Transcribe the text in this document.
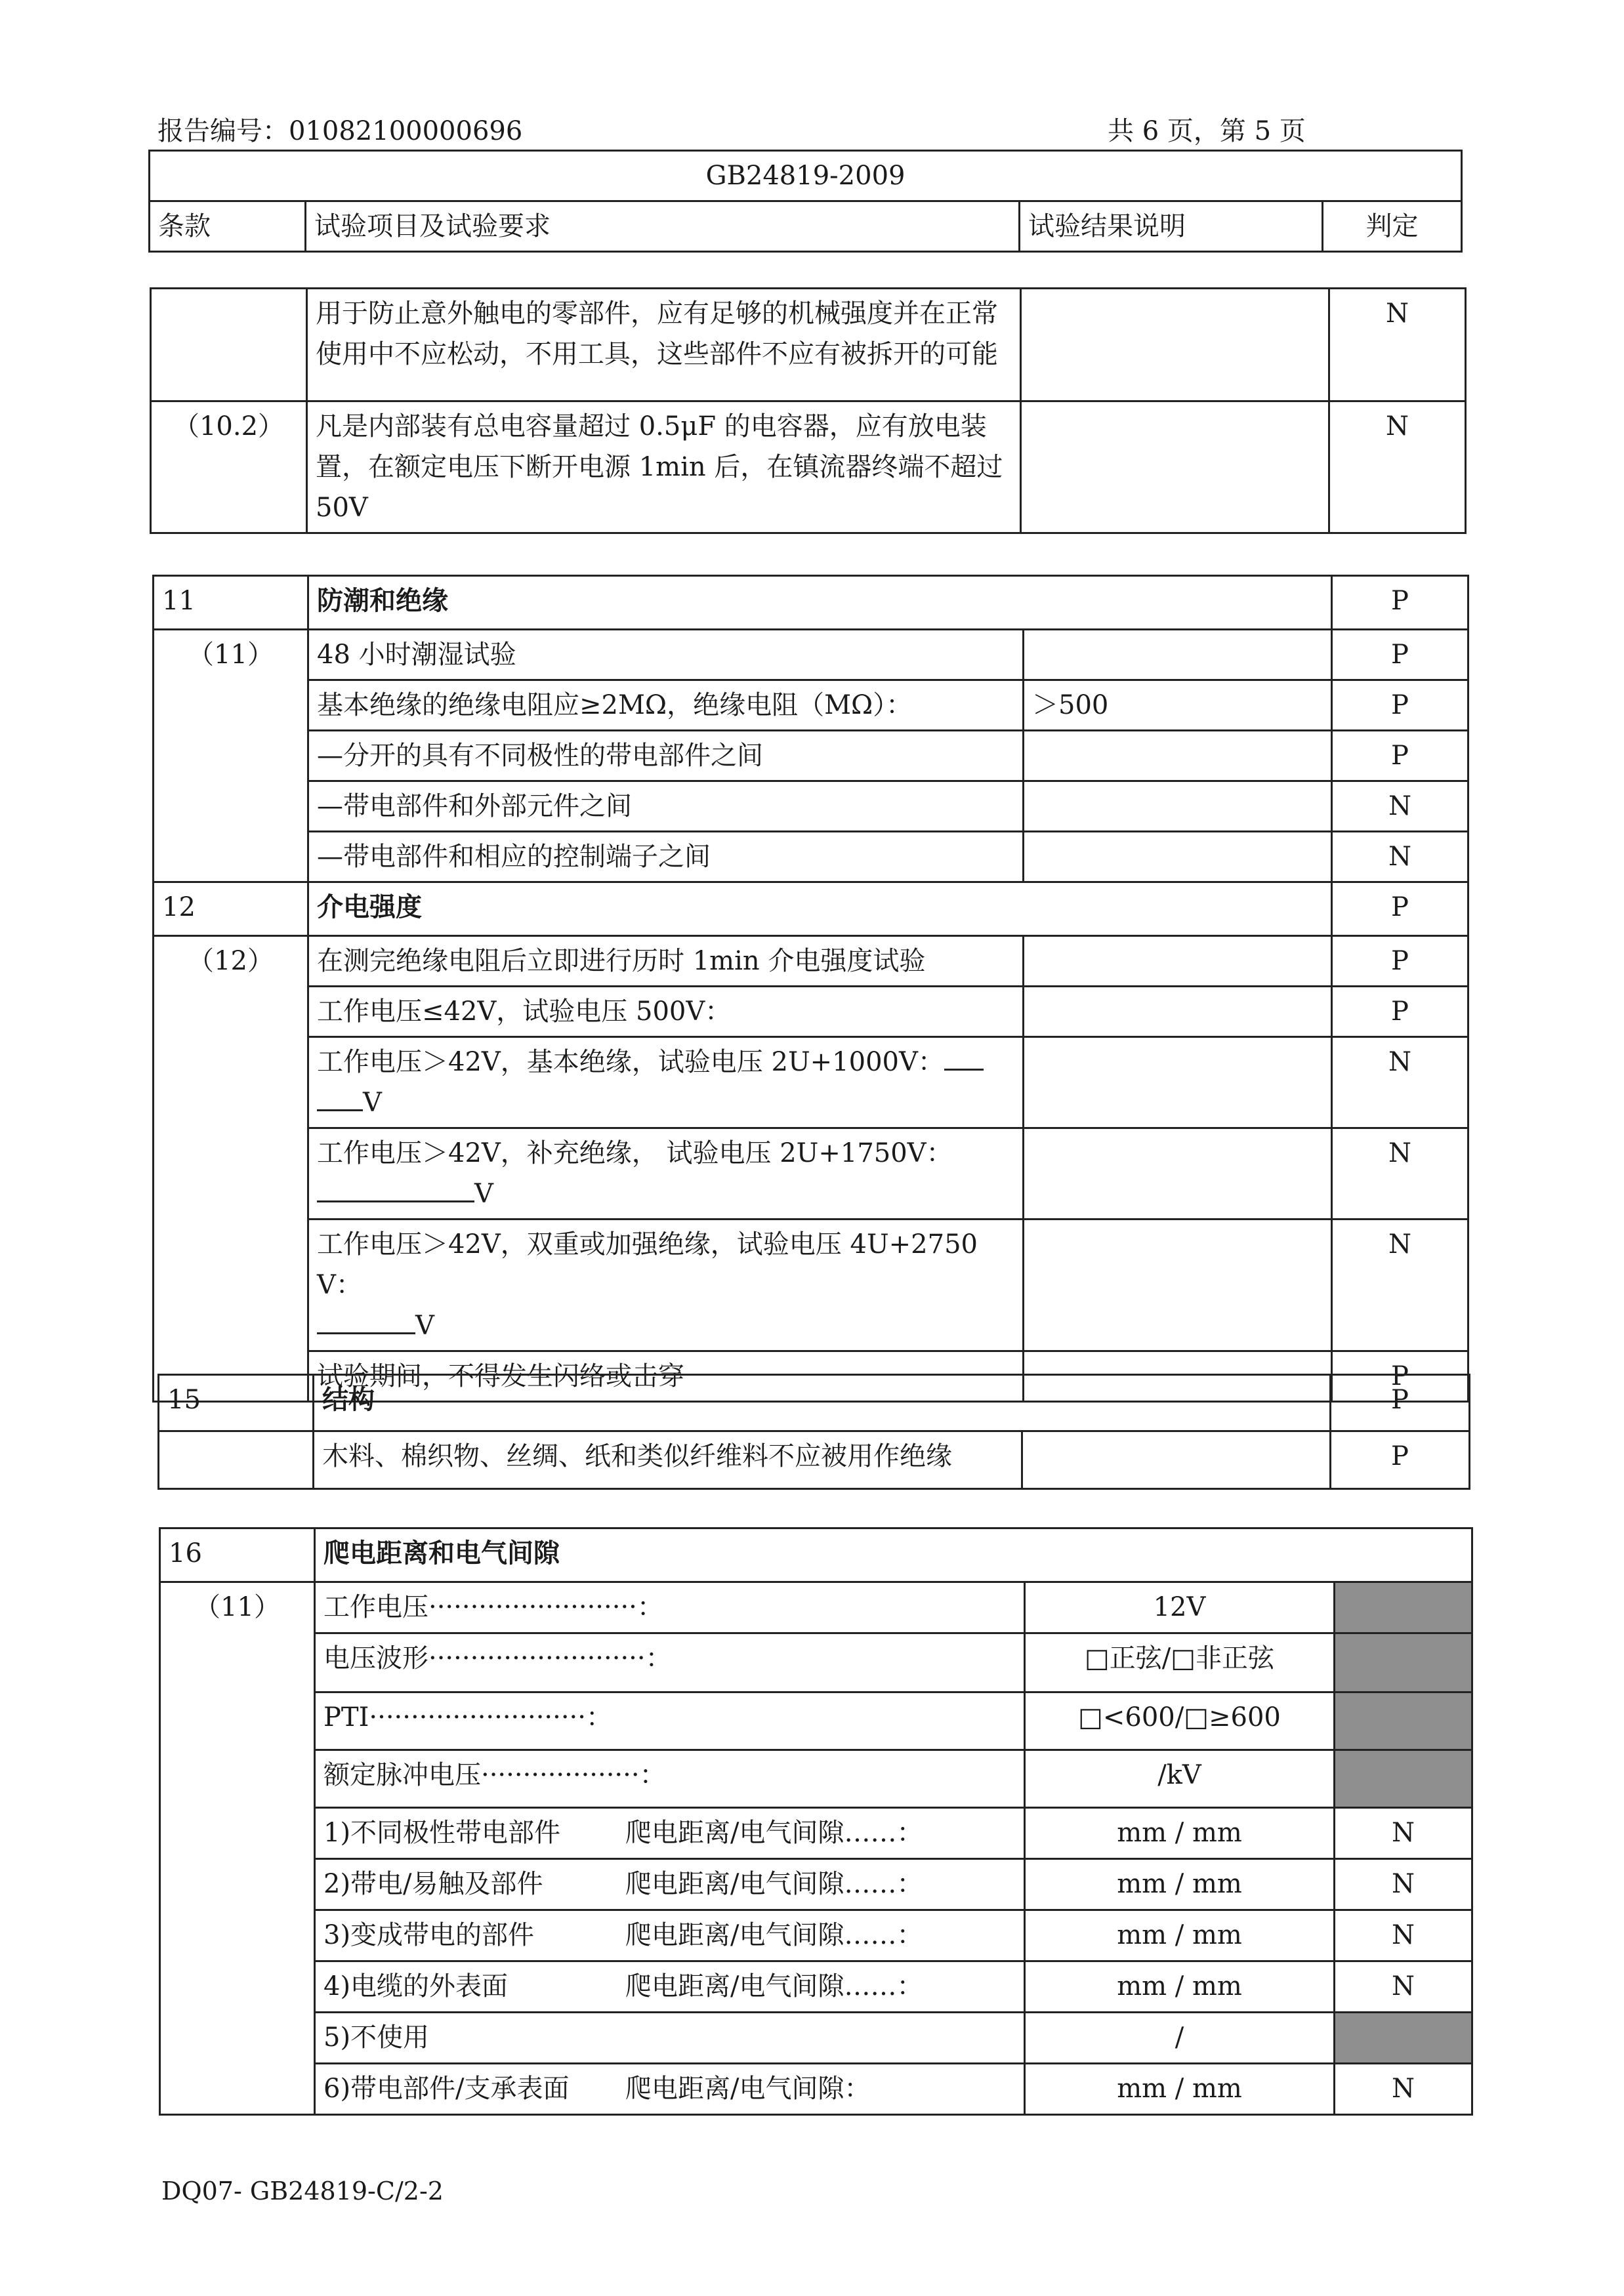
报告编号：01082100000696	共 6 页，第 5 页
GB24819-2009
条款	试验项目及试验要求	试验结果说明	判定
	用于防止意外触电的零部件，应有足够的机械强度并在正常使用中不应松动，不用工具，这些部件不应有被拆开的可能		N
（10.2）	凡是内部装有总电容量超过 0.5μF 的电容器，应有放电装置，在额定电压下断开电源 1min 后，在镇流器终端不超过 50V		N
11	防潮和绝缘		P
（11）	48 小时潮湿试验		P
	基本绝缘的绝缘电阻应≥2MΩ，绝缘电阻（MΩ）：	＞500	P
	—分开的具有不同极性的带电部件之间		P
	—带电部件和外部元件之间		N
	—带电部件和相应的控制端子之间		N
12	介电强度		P
（12）	在测完绝缘电阻后立即进行历时 1min 介电强度试验		P
	工作电压≤42V，试验电压 500V：		P
	工作电压＞42V，基本绝缘，试验电压 2U+1000V：
V		N
	工作电压＞42V，补充绝缘， 试验电压 2U+1750V：
V		N
	工作电压＞42V，双重或加强绝缘，试验电压 4U+2750V：
V		N
	试验期间，不得发生闪络或击穿		P
15	结构		P
	木料、棉织物、丝绸、纸和类似纤维料不应被用作绝缘		P
16	爬电距离和电气间隙		
（11）	工作电压·························：	12V	
	电压波形··························：	□正弦/□非正弦	
	PTI··························：	□<600/□≥600	
	额定脉冲电压···················：	/kV	
	1)不同极性带电部件 爬电距离/电气间隙……：	mm / mm	N
	2)带电/易触及部件 爬电距离/电气间隙……：	mm / mm	N
	3)变成带电的部件 爬电距离/电气间隙……：	mm / mm	N
	4)电缆的外表面 爬电距离/电气间隙……：	mm / mm	N
	5)不使用	/	
	6)带电部件/支承表面 爬电距离/电气间隙：	mm / mm	N
DQ07- GB24819-C/2-2
